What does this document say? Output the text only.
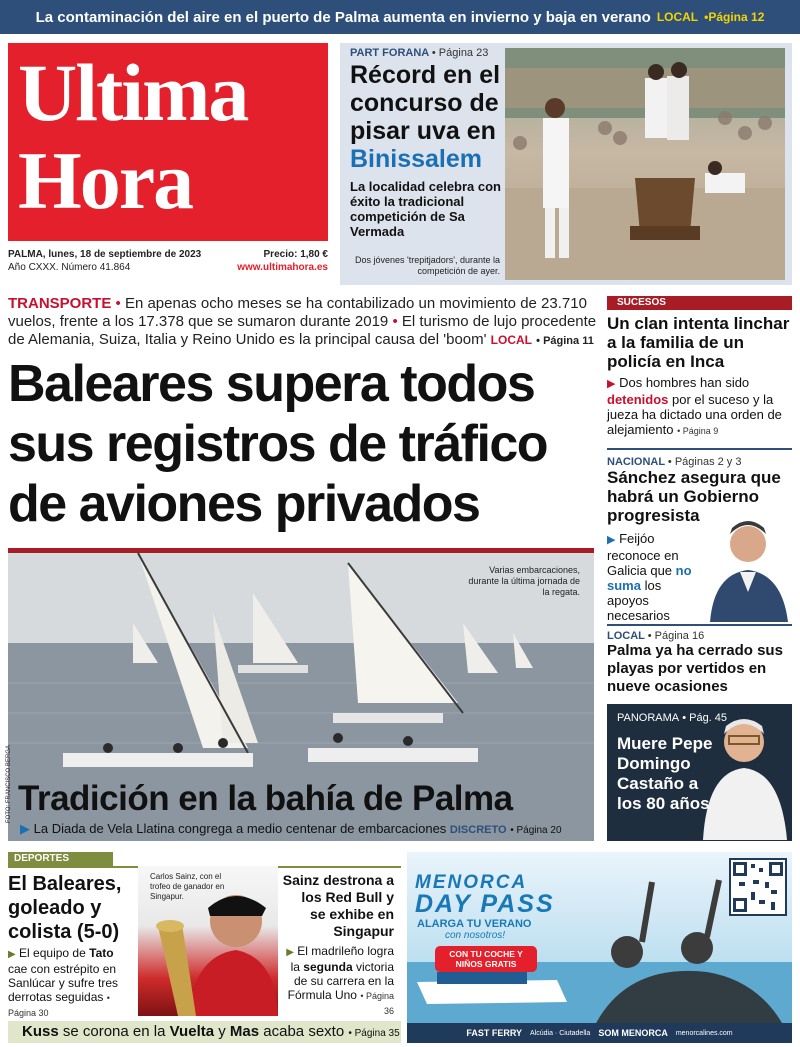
La contaminación del aire en el puerto de Palma aumenta en invierno y baja en verano LOCAL •Página 12
Ultima
Hora
PALMA, lunes, 18 de septiembre de 2023	Precio: 1,80 €
Año CXXX. Número 41.864	www.ultimahora.es
PART FORANA • Página 23
Récord en el concurso de pisar uva en Binissalem
La localidad celebra con éxito la tradicional competición de Sa Vermada
Dos jóvenes 'trepitjadors', durante la competición de ayer.
TRANSPORTE • En apenas ocho meses se ha contabilizado un movimiento de 23.710 vuelos, frente a los 17.378 que se sumaron durante 2019 • El turismo de lujo procedente de Alemania, Suiza, Italia y Reino Unido es la principal causa del 'boom' LOCAL • Página 11
Baleares supera todos sus registros de tráfico de aviones privados
Varias embarcaciones, durante la última jornada de la regata.
FOTO: FRANCISCO BERGA Tradición en la bahía de Palma
▶ La Diada de Vela Llatina congrega a medio centenar de embarcaciones DISCRETO • Página 20
SUCESOS
Un clan intenta linchar a la familia de un policía en Inca
▶ Dos hombres han sido detenidos por el suceso y la jueza ha dictado una orden de alejamiento • Página 9
NACIONAL • Páginas 2 y 3
Sánchez asegura que habrá un Gobierno progresista
▶ Feijóo reconoce en Galicia que no suma los apoyos necesarios
LOCAL • Página 16
Palma ya ha cerrado sus playas por vertidos en nueve ocasiones
PANORAMA • Pág. 45
Muere Pepe Domingo Castaño a los 80 años
DEPORTES
El Baleares, goleado y colista (5-0)
▶ El equipo de Tato cae con estrépito en Sanlúcar y sufre tres derrotas seguidas • Página 30
Carlos Sainz, con el trofeo de ganador en Singapur.
Sainz destrona a los Red Bull y se exhibe en Singapur
▶ El madrileño logra la segunda victoria de su carrera en la Fórmula Uno • Página 36
Kuss se corona en la Vuelta y Mas acaba sexto • Página 35
MENORCA
DAY PASS
ALARGA TU VERANO
con nosotros!
CON TU COCHE Y NIÑOS GRATIS
FAST FERRY Alcúdia · Ciutadella SOM MENORCA menorcalines.com
